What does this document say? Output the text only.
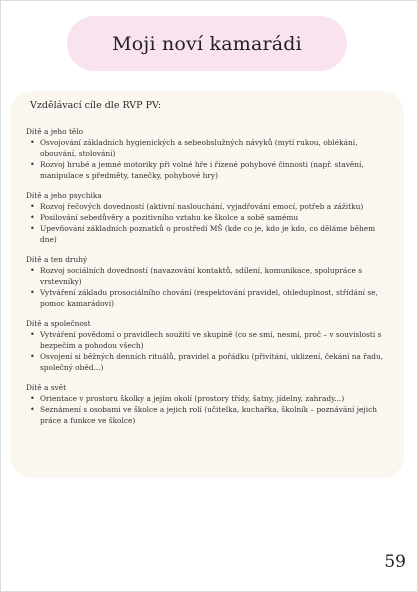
Moji noví kamarádi
Vzdělávací cíle dle RVP PV:

Dítě a jeho tělo

• Osvojování základních hygienických a sebeobslužných návyků (mytí rukou, oblékání, obouvání, stolování)
• Rozvoj hrubé a jemné motoriky při volné hře i řízené pohybové činnosti (např. stavění, manipulace s předměty, tanečky, pohybové hry)

Dítě a jeho psychika

• Rozvoj řečových dovedností (aktivní naslouchání, vyjadřování emocí, potřeb a zážitku)
• Posilování sebedůvěry a pozitivního vztahu ke školce a sobě samému
• Upevňování základních poznatků o prostředí MŠ (kde co je, kdo je kdo, co děláme během dne)

Dítě a ten druhý

• Rozvoj sociálních dovedností (navazování kontaktů, sdílení, komunikace, spolupráce s vrstevníky)
• Vytváření základu prosociálního chování (respektování pravidel, ohleduplnost, střídání se, pomoc kamarádovi)

Dítě a společnost

• Vytváření povědomí o pravidlech soužití ve skupině (co se smí, nesmí, proč – v souvislosti s bezpečím a pohodou všech)
• Osvojení si běžných denních rituálů, pravidel a pořádku (přivítání, uklizení, čekání na řadu, společný oběd...)

Dítě a svět

• Orientace v prostoru školky a jejím okolí (prostory třídy, šatny, jídelny, zahrady...)
• Seznámení s osobami ve školce a jejich rolí (učitelka, kuchařka, školník – poznávání jejich práce a funkce ve školce)
59
